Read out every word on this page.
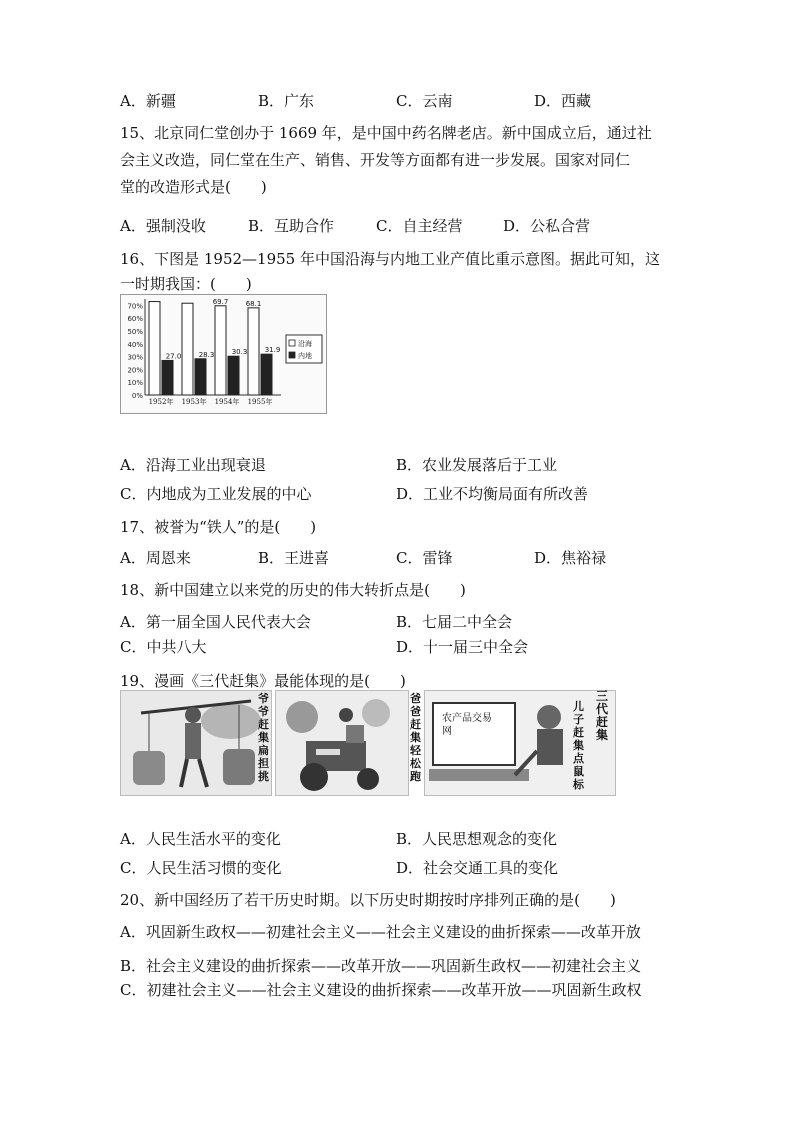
A．新疆	B．广东	C．云南	D．西藏
15、北京同仁堂创办于 1669 年，是中国中药名牌老店。新中国成立后，通过社
会主义改造，同仁堂在生产、销售、开发等方面都有进一步发展。国家对同仁
堂的改造形式是(　　)
A．强制没收	B．互助合作	C．自主经营	D．公私合营
16、下图是 1952—1955 年中国沿海与内地工业产值比重示意图。据此可知，这
一时期我国：(　　)
0%
10%
20%
30%
40%
50%
60%
70%
27.0
1952年
28.3
1953年
69.7
30.3
1954年
68.1
31.9
1955年
沿海
内地
A．沿海工业出现衰退	B．农业发展落后于工业
C．内地成为工业发展的中心	D．工业不均衡局面有所改善
17、被誉为“铁人”的是(　　)
A．周恩来	B．王进喜	C．雷锋	D．焦裕禄
18、新中国建立以来党的历史的伟大转折点是(　　)
A．第一届全国人民代表大会	B．七届二中全会
C．中共八大	D．十一届三中全会
19、漫画《三代赶集》最能体现的是(　　)
爷爷赶集扁担挑
爸爸赶集轻松跑
农产品交易网
儿子赶集点鼠标
三代赶集
A．人民生活水平的变化	B．人民思想观念的变化
C．人民生活习惯的变化	D．社会交通工具的变化
20、新中国经历了若干历史时期。以下历史时期按时序排列正确的是(　　)
A．巩固新生政权——初建社会主义——社会主义建设的曲折探索——改革开放
B．社会主义建设的曲折探索——改革开放——巩固新生政权——初建社会主义
C．初建社会主义——社会主义建设的曲折探索——改革开放——巩固新生政权
